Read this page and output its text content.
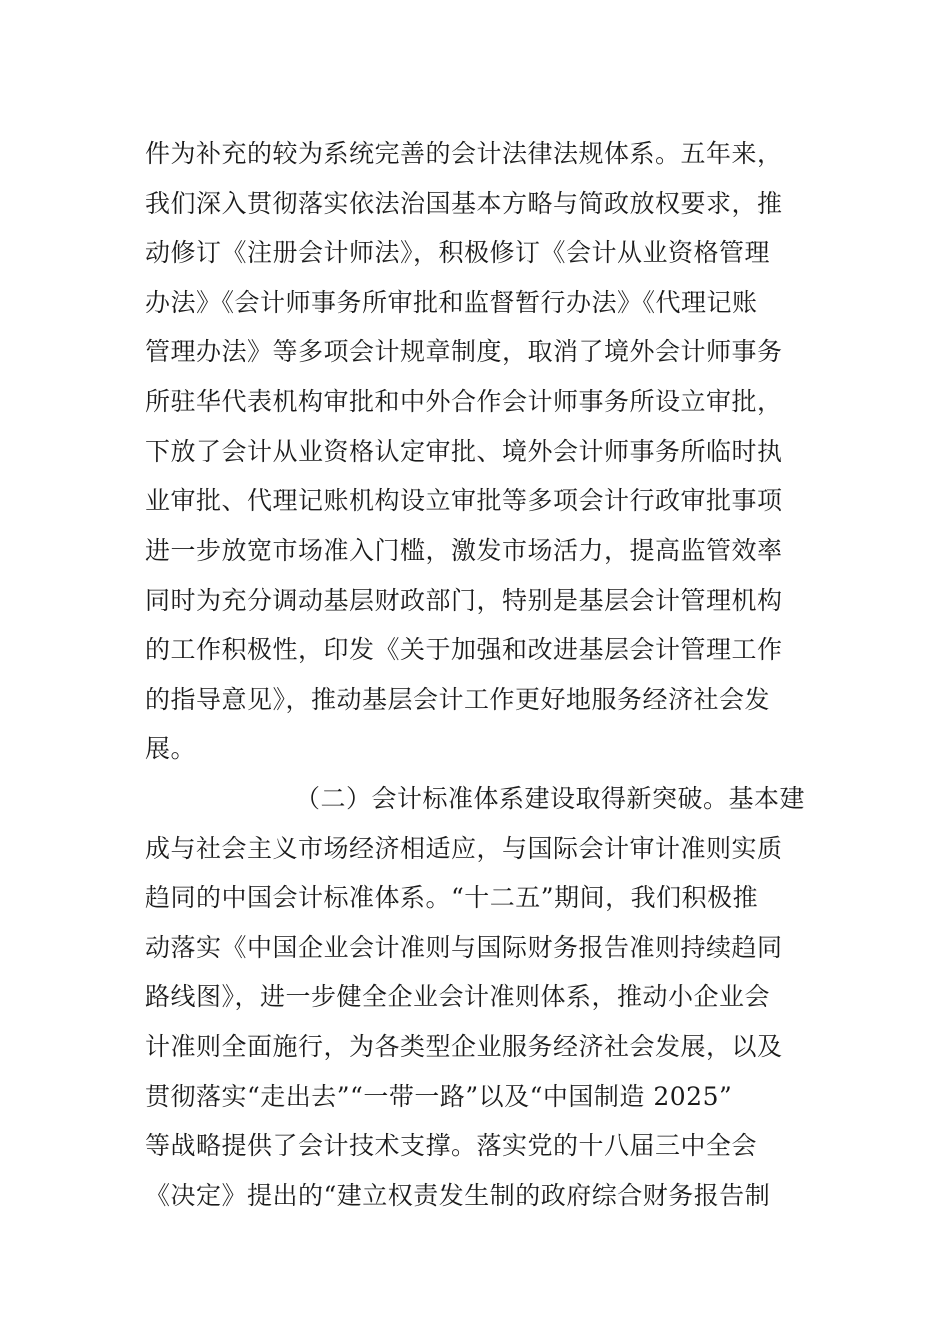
件为补充的较为系统完善的会计法律法规体系。五年来，
我们深入贯彻落实依法治国基本方略与简政放权要求，推
动修订《注册会计师法》，积极修订《会计从业资格管理
办法》《会计师事务所审批和监督暂行办法》《代理记账
管理办法》等多项会计规章制度，取消了境外会计师事务
所驻华代表机构审批和中外合作会计师事务所设立审批，
下放了会计从业资格认定审批、境外会计师事务所临时执
业审批、代理记账机构设立审批等多项会计行政审批事项
进一步放宽市场准入门槛，激发市场活力，提高监管效率
同时为充分调动基层财政部门，特别是基层会计管理机构
的工作积极性，印发《关于加强和改进基层会计管理工作
的指导意见》，推动基层会计工作更好地服务经济社会发
展。
（二）会计标准体系建设取得新突破。基本建
成与社会主义市场经济相适应，与国际会计审计准则实质
趋同的中国会计标准体系。“十二五”期间，我们积极推
动落实《中国企业会计准则与国际财务报告准则持续趋同
路线图》，进一步健全企业会计准则体系，推动小企业会
计准则全面施行，为各类型企业服务经济社会发展，以及
贯彻落实“走出去”“一带一路”以及“中国制造 2025”
等战略提供了会计技术支撑。落实党的十八届三中全会
《决定》提出的“建立权责发生制的政府综合财务报告制
